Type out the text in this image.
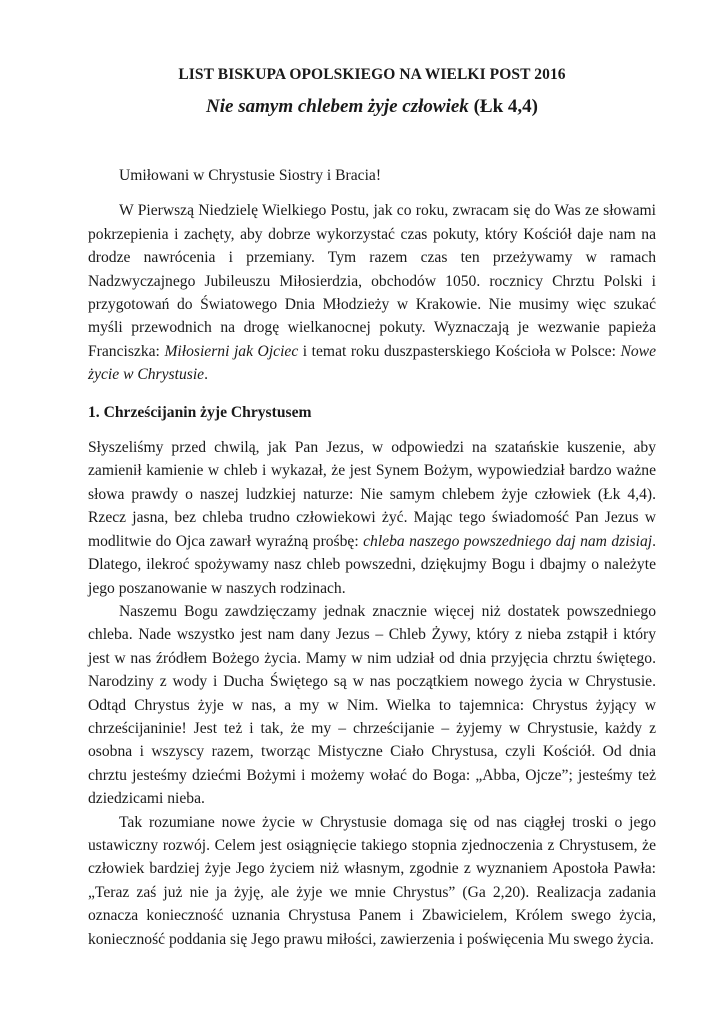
LIST BISKUPA OPOLSKIEGO NA WIELKI POST 2016
Nie samym chlebem żyje człowiek (Łk 4,4)

Umiłowani w Chrystusie Siostry i Bracia!

W Pierwszą Niedzielę Wielkiego Postu, jak co roku, zwracam się do Was ze słowami pokrzepienia i zachęty, aby dobrze wykorzystać czas pokuty, który Kościół daje nam na drodze nawrócenia i przemiany. Tym razem czas ten przeżywamy w ramach Nadzwyczajnego Jubileuszu Miłosierdzia, obchodów 1050. rocznicy Chrztu Polski i przygotowań do Światowego Dnia Młodzieży w Krakowie. Nie musimy więc szukać myśli przewodnich na drogę wielkanocnej pokuty. Wyznaczają je wezwanie papieża Franciszka: Miłosierni jak Ojciec i temat roku duszpasterskiego Kościoła w Polsce: Nowe życie w Chrystusie.

1. Chrześcijanin żyje Chrystusem

Słyszeliśmy przed chwilą, jak Pan Jezus, w odpowiedzi na szatańskie kuszenie, aby zamienił kamienie w chleb i wykazał, że jest Synem Bożym, wypowiedział bardzo ważne słowa prawdy o naszej ludzkiej naturze: Nie samym chlebem żyje człowiek (Łk 4,4). Rzecz jasna, bez chleba trudno człowiekowi żyć. Mając tego świadomość Pan Jezus w modlitwie do Ojca zawarł wyraźną prośbę: chleba naszego powszedniego daj nam dzisiaj. Dlatego, ilekroć spożywamy nasz chleb powszedni, dziękujmy Bogu i dbajmy o należyte jego poszanowanie w naszych rodzinach.

Naszemu Bogu zawdzięczamy jednak znacznie więcej niż dostatek powszedniego chleba. Nade wszystko jest nam dany Jezus – Chleb Żywy, który z nieba zstąpił i który jest w nas źródłem Bożego życia. Mamy w nim udział od dnia przyjęcia chrztu świętego. Narodziny z wody i Ducha Świętego są w nas początkiem nowego życia w Chrystusie. Odtąd Chrystus żyje w nas, a my w Nim. Wielka to tajemnica: Chrystus żyjący w chrześcijaninie! Jest też i tak, że my – chrześcijanie – żyjemy w Chrystusie, każdy z osobna i wszyscy razem, tworząc Mistyczne Ciało Chrystusa, czyli Kościół. Od dnia chrztu jesteśmy dziećmi Bożymi i możemy wołać do Boga: „Abba, Ojcze”; jesteśmy też dziedzicami nieba.

Tak rozumiane nowe życie w Chrystusie domaga się od nas ciągłej troski o jego ustawiczny rozwój. Celem jest osiągnięcie takiego stopnia zjednoczenia z Chrystusem, że człowiek bardziej żyje Jego życiem niż własnym, zgodnie z wyznaniem Apostoła Pawła: „Teraz zaś już nie ja żyję, ale żyje we mnie Chrystus” (Ga 2,20). Realizacja zadania oznacza konieczność uznania Chrystusa Panem i Zbawicielem, Królem swego życia, konieczność poddania się Jego prawu miłości, zawierzenia i poświęcenia Mu swego życia.
